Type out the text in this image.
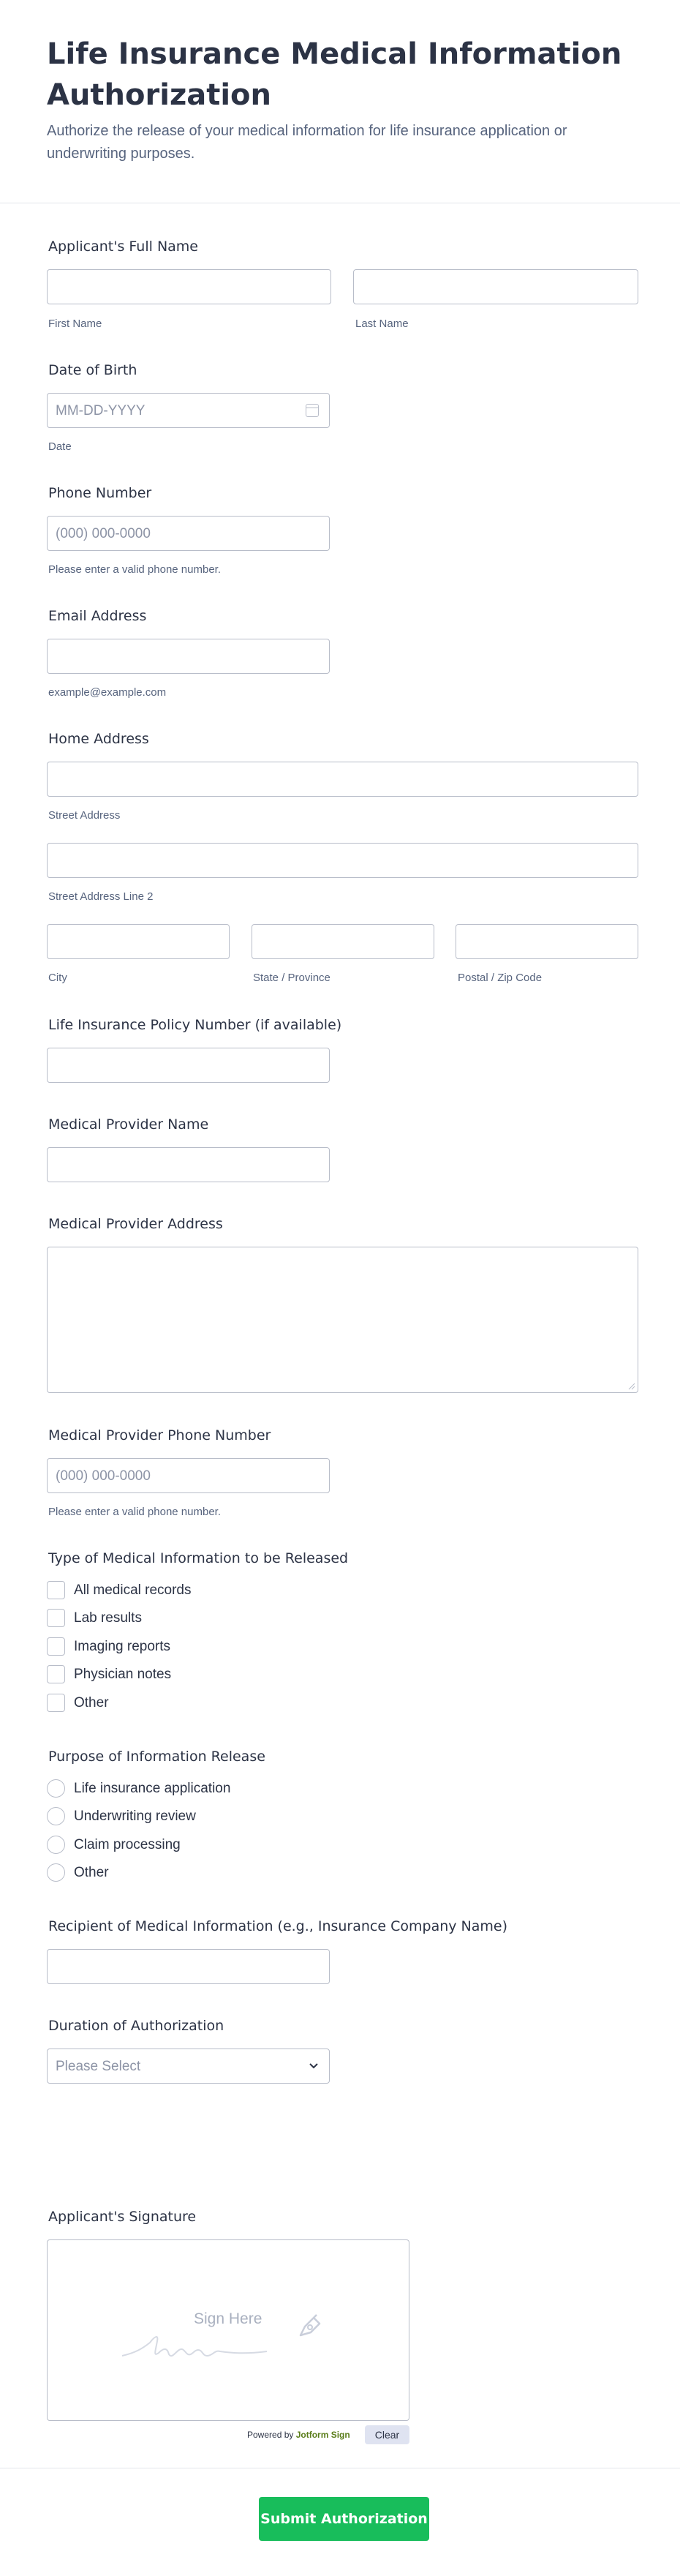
Life Insurance Medical Information Authorization
Authorize the release of your medical information for life insurance application or underwriting purposes.
Applicant's Full Name
First Name	Last Name
Date of Birth
MM-DD-YYYY
Date
Phone Number
(000) 000-0000
Please enter a valid phone number.
Email Address
example@example.com
Home Address
Street Address
Street Address Line 2
City	State / Province	Postal / Zip Code
Life Insurance Policy Number (if available)
Medical Provider Name
Medical Provider Address
Medical Provider Phone Number
(000) 000-0000
Please enter a valid phone number.
Type of Medical Information to be Released
All medical records
Lab results
Imaging reports
Physician notes
Other
Purpose of Information Release
Life insurance application
Underwriting review
Claim processing
Other
Recipient of Medical Information (e.g., Insurance Company Name)
Duration of Authorization
Please Select
Applicant's Signature
Sign Here
Powered by Jotform Sign	Clear
Submit Authorization
